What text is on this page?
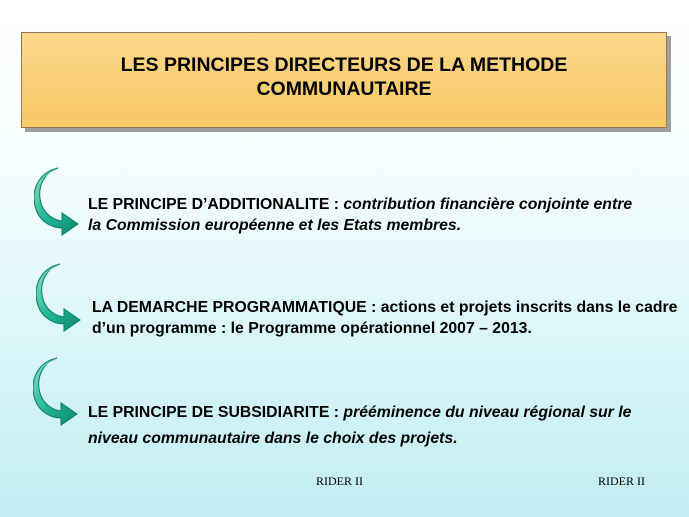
LES PRINCIPES DIRECTEURS DE LA METHODE
COMMUNAUTAIRE
LE PRINCIPE D’ADDITIONALITE : contribution financière conjointe entre la Commission européenne et les Etats membres.
LA DEMARCHE PROGRAMMATIQUE : actions et projets inscrits dans le cadre d’un programme : le Programme opérationnel 2007 – 2013.
LE PRINCIPE DE SUBSIDIARITE : prééminence du niveau régional sur le niveau communautaire dans le choix des projets.
RIDER II	RIDER II
